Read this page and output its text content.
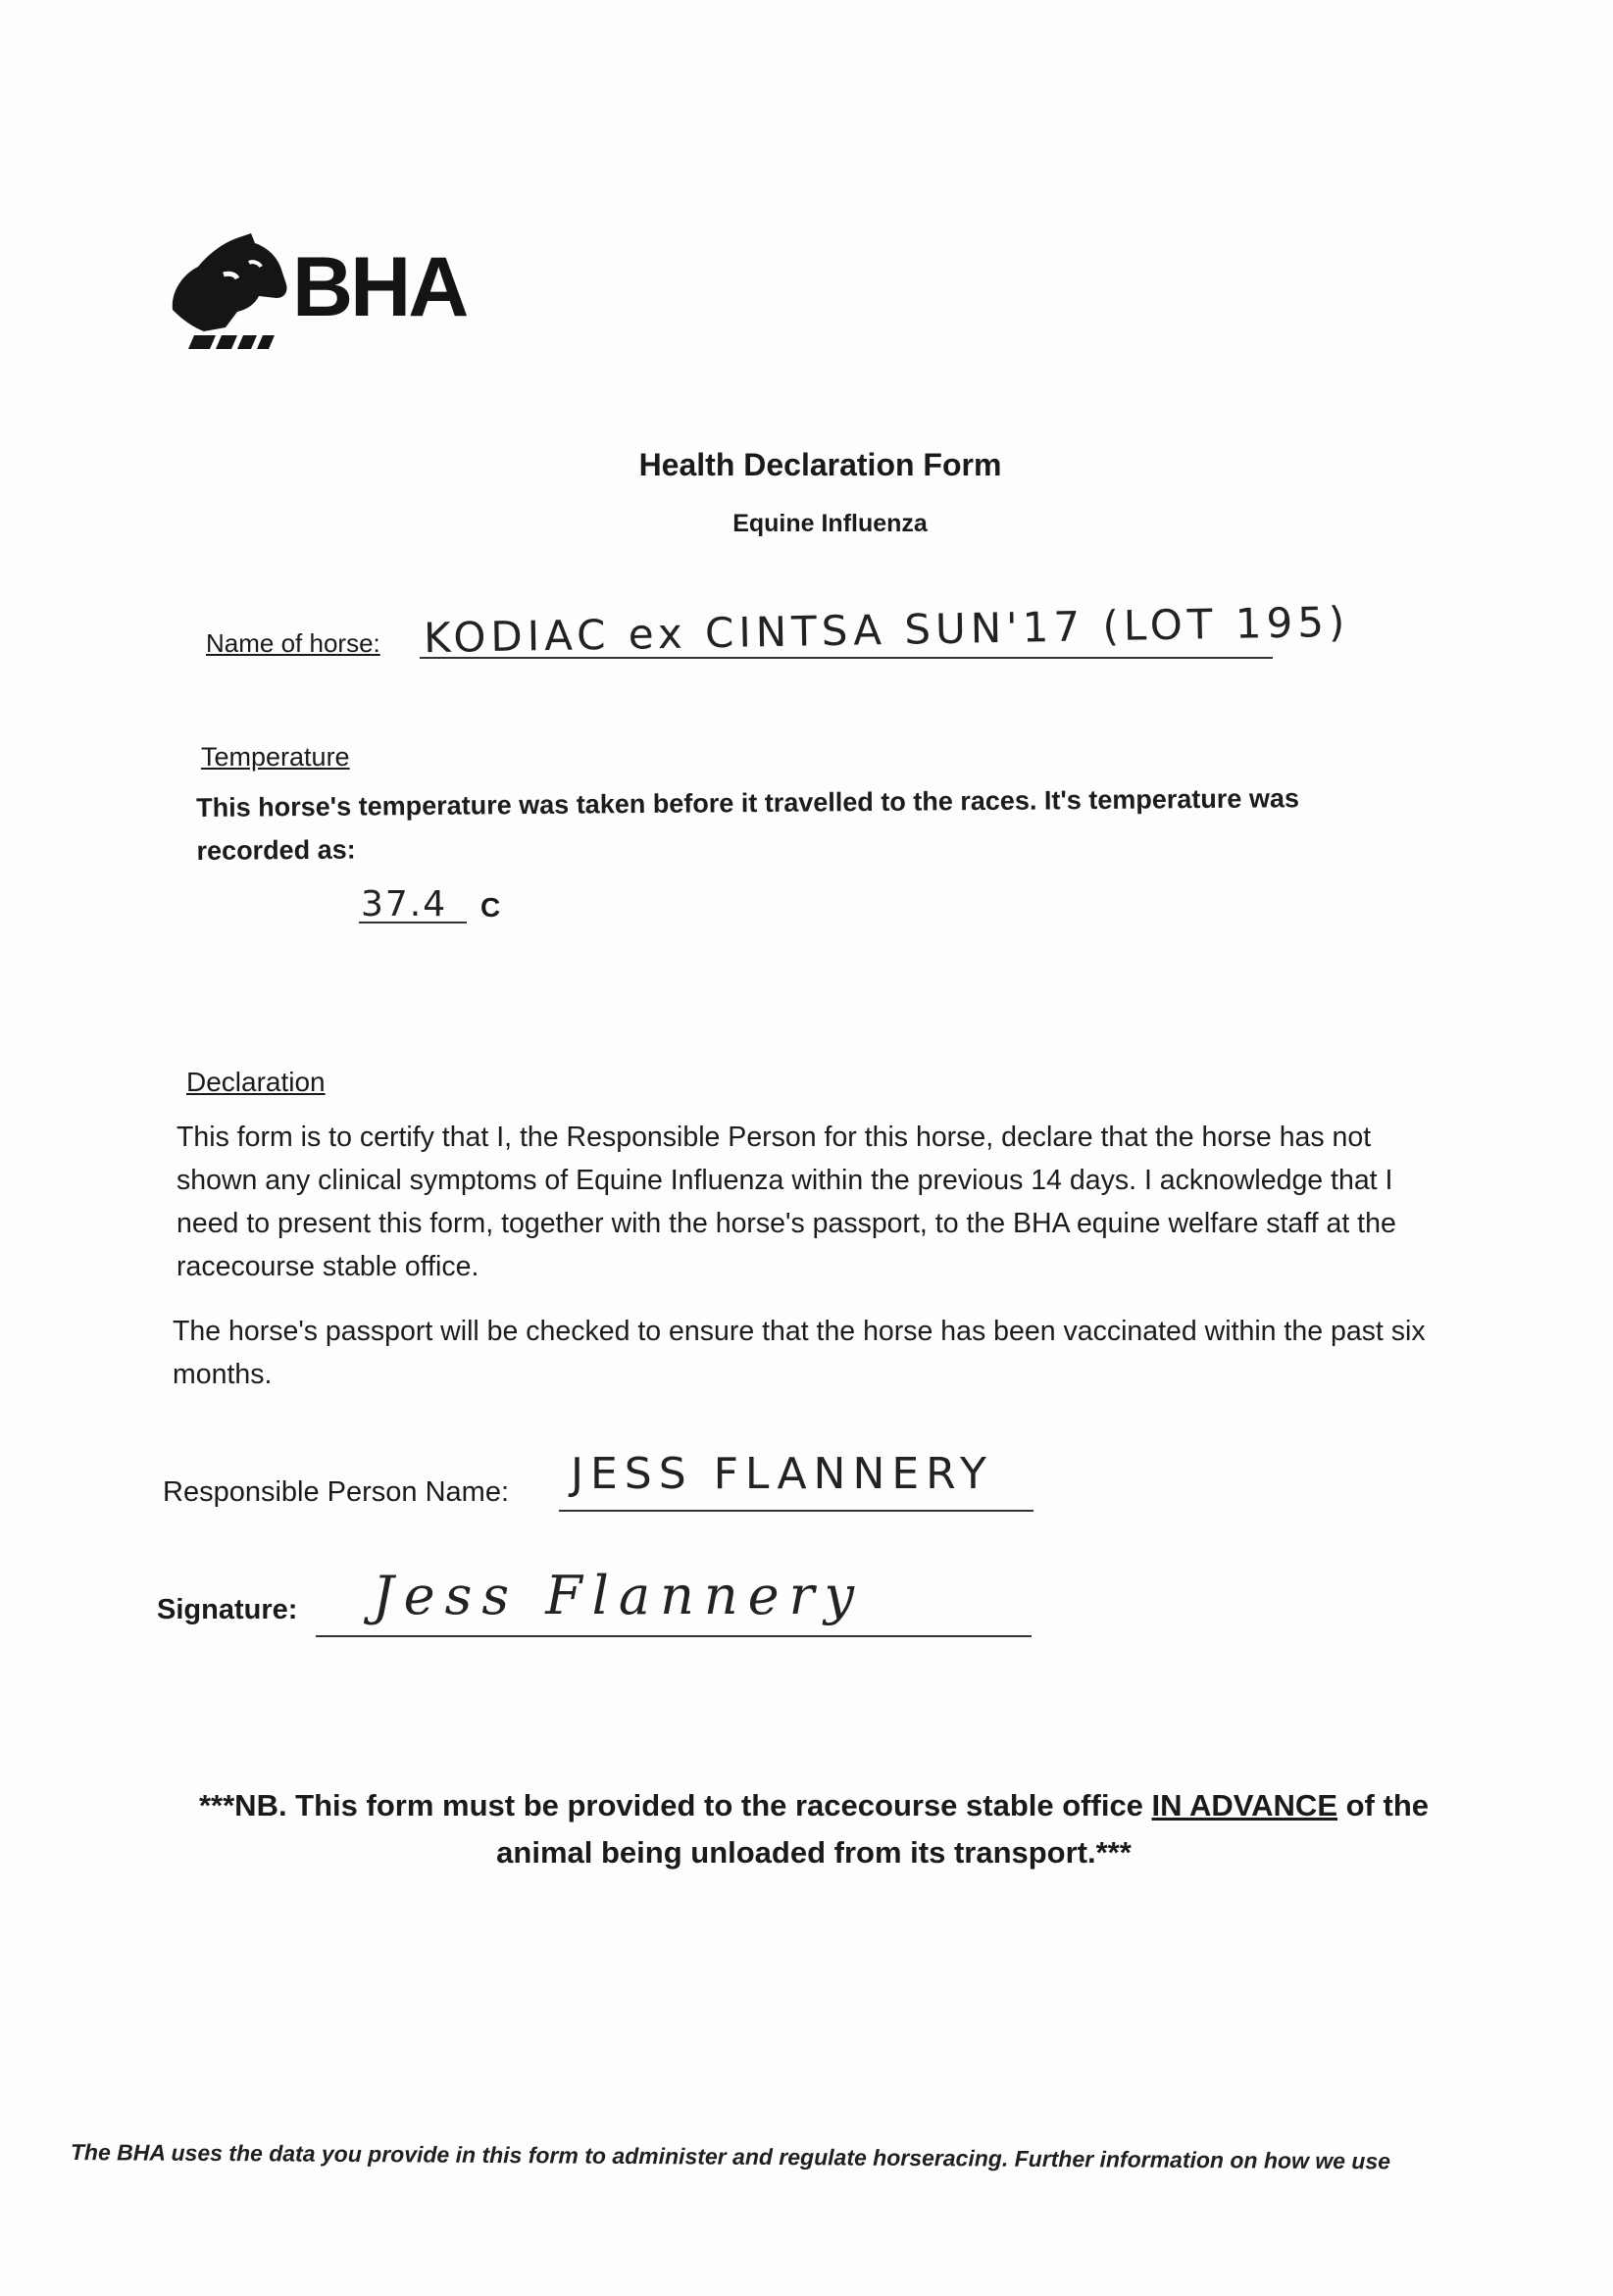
BHA
Health Declaration Form
Equine Influenza
Name of horse: KODIAC ex CINTSA SUN'17 (LOT 195)
Temperature
This horse's temperature was taken before it travelled to the races. It's temperature was recorded as:
37.4 C
Declaration
This form is to certify that I, the Responsible Person for this horse, declare that the horse has not shown any clinical symptoms of Equine Influenza within the previous 14 days. I acknowledge that I need to present this form, together with the horse's passport, to the BHA equine welfare staff at the racecourse stable office.
The horse's passport will be checked to ensure that the horse has been vaccinated within the past six months.
Responsible Person Name: JESS FLANNERY
Signature: Jess Flannery
***NB. This form must be provided to the racecourse stable office IN ADVANCE of the animal being unloaded from its transport.***
The BHA uses the data you provide in this form to administer and regulate horseracing. Further information on how we use
